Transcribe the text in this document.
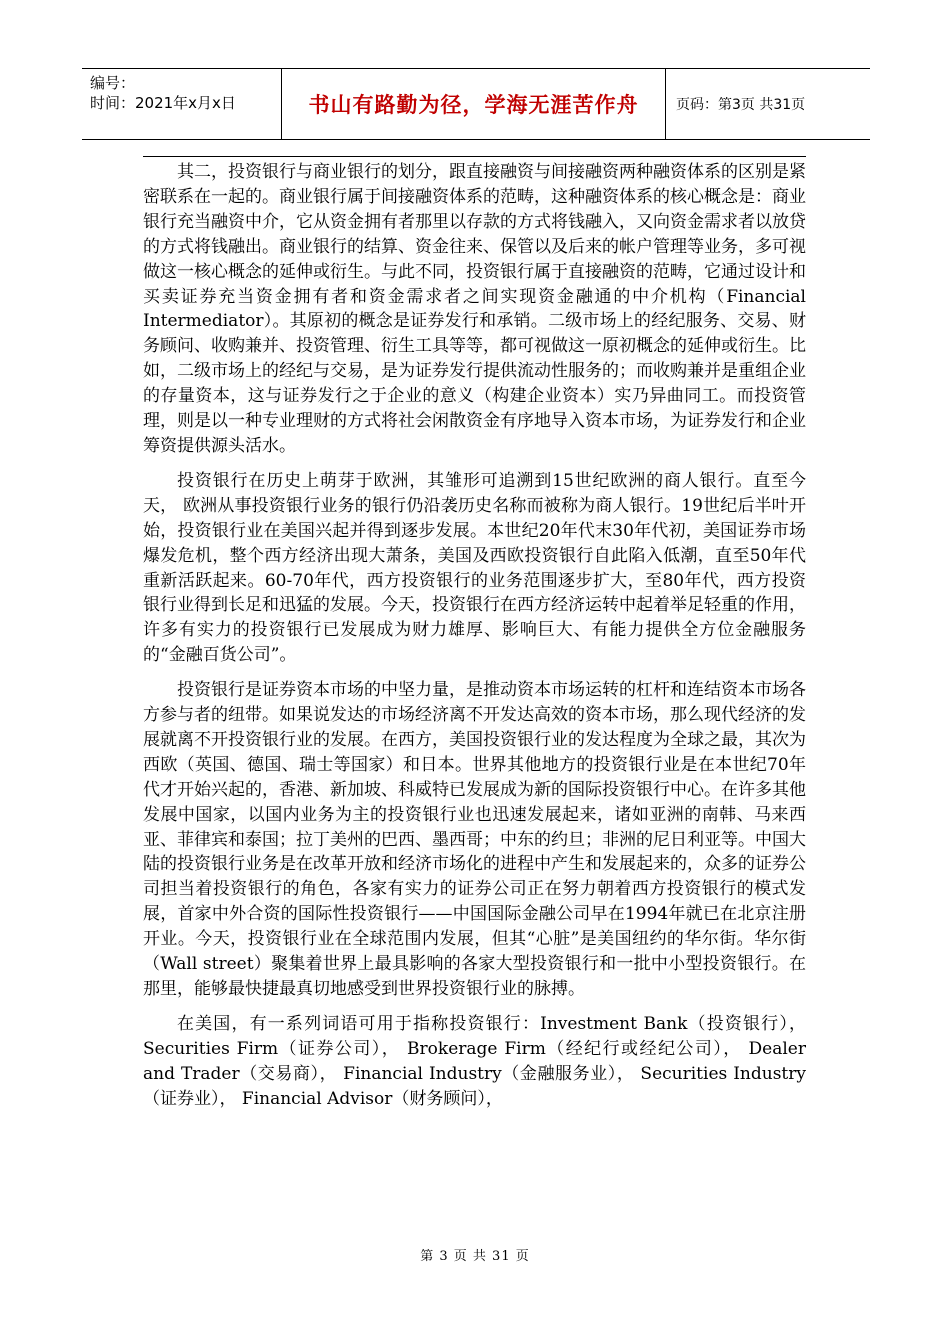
编号：
时间：2021年x月x日	书山有路勤为径，学海无涯苦作舟	页码：第3页 共31页

其二，投资银行与商业银行的划分，跟直接融资与间接融资两种融资体系的区别是紧密联系在一起的。商业银行属于间接融资体系的范畴，这种融资体系的核心概念是：商业银行充当融资中介，它从资金拥有者那里以存款的方式将钱融入，又向资金需求者以放贷的方式将钱融出。商业银行的结算、资金往来、保管以及后来的帐户管理等业务，多可视做这一核心概念的延伸或衍生。与此不同，投资银行属于直接融资的范畴，它通过设计和买卖证券充当资金拥有者和资金需求者之间实现资金融通的中介机构（Financial Intermediator）。其原初的概念是证券发行和承销。二级市场上的经纪服务、交易、财务顾问、收购兼并、投资管理、衍生工具等等，都可视做这一原初概念的延伸或衍生。比如，二级市场上的经纪与交易，是为证券发行提供流动性服务的；而收购兼并是重组企业的存量资本，这与证券发行之于企业的意义（构建企业资本）实乃异曲同工。而投资管理，则是以一种专业理财的方式将社会闲散资金有序地导入资本市场，为证券发行和企业筹资提供源头活水。

投资银行在历史上萌芽于欧洲，其雏形可追溯到15世纪欧洲的商人银行。直至今天， 欧洲从事投资银行业务的银行仍沿袭历史名称而被称为商人银行。19世纪后半叶开始，投资银行业在美国兴起并得到逐步发展。本世纪20年代末30年代初，美国证券市场爆发危机，整个西方经济出现大萧条，美国及西欧投资银行自此陷入低潮，直至50年代重新活跃起来。60-70年代，西方投资银行的业务范围逐步扩大，至80年代，西方投资银行业得到长足和迅猛的发展。今天，投资银行在西方经济运转中起着举足轻重的作用，许多有实力的投资银行已发展成为财力雄厚、影响巨大、有能力提供全方位金融服务的“金融百货公司”。

投资银行是证券资本市场的中坚力量，是推动资本市场运转的杠杆和连结资本市场各方参与者的纽带。如果说发达的市场经济离不开发达高效的资本市场，那么现代经济的发展就离不开投资银行业的发展。在西方，美国投资银行业的发达程度为全球之最，其次为西欧（英国、德国、瑞士等国家）和日本。世界其他地方的投资银行业是在本世纪70年代才开始兴起的，香港、新加坡、科威特已发展成为新的国际投资银行中心。在许多其他发展中国家，以国内业务为主的投资银行业也迅速发展起来，诸如亚洲的南韩、马来西亚、菲律宾和泰国；拉丁美州的巴西、墨西哥；中东的约旦；非洲的尼日利亚等。中国大陆的投资银行业务是在改革开放和经济市场化的进程中产生和发展起来的，众多的证券公司担当着投资银行的角色，各家有实力的证券公司正在努力朝着西方投资银行的模式发展，首家中外合资的国际性投资银行——中国国际金融公司早在1994年就已在北京注册开业。今天，投资银行业在全球范围内发展，但其“心脏”是美国纽约的华尔街。华尔街（Wall street）聚集着世界上最具影响的各家大型投资银行和一批中小型投资银行。在那里，能够最快捷最真切地感受到世界投资银行业的脉搏。

在美国，有一系列词语可用于指称投资银行：Investment Bank（投资银行）， Securities Firm（证券公司）， Brokerage Firm（经纪行或经纪公司）， Dealer and Trader（交易商）， Financial Industry（金融服务业）， Securities Industry（证券业）， Financial Advisor（财务顾问），

第 3 页 共 31 页
